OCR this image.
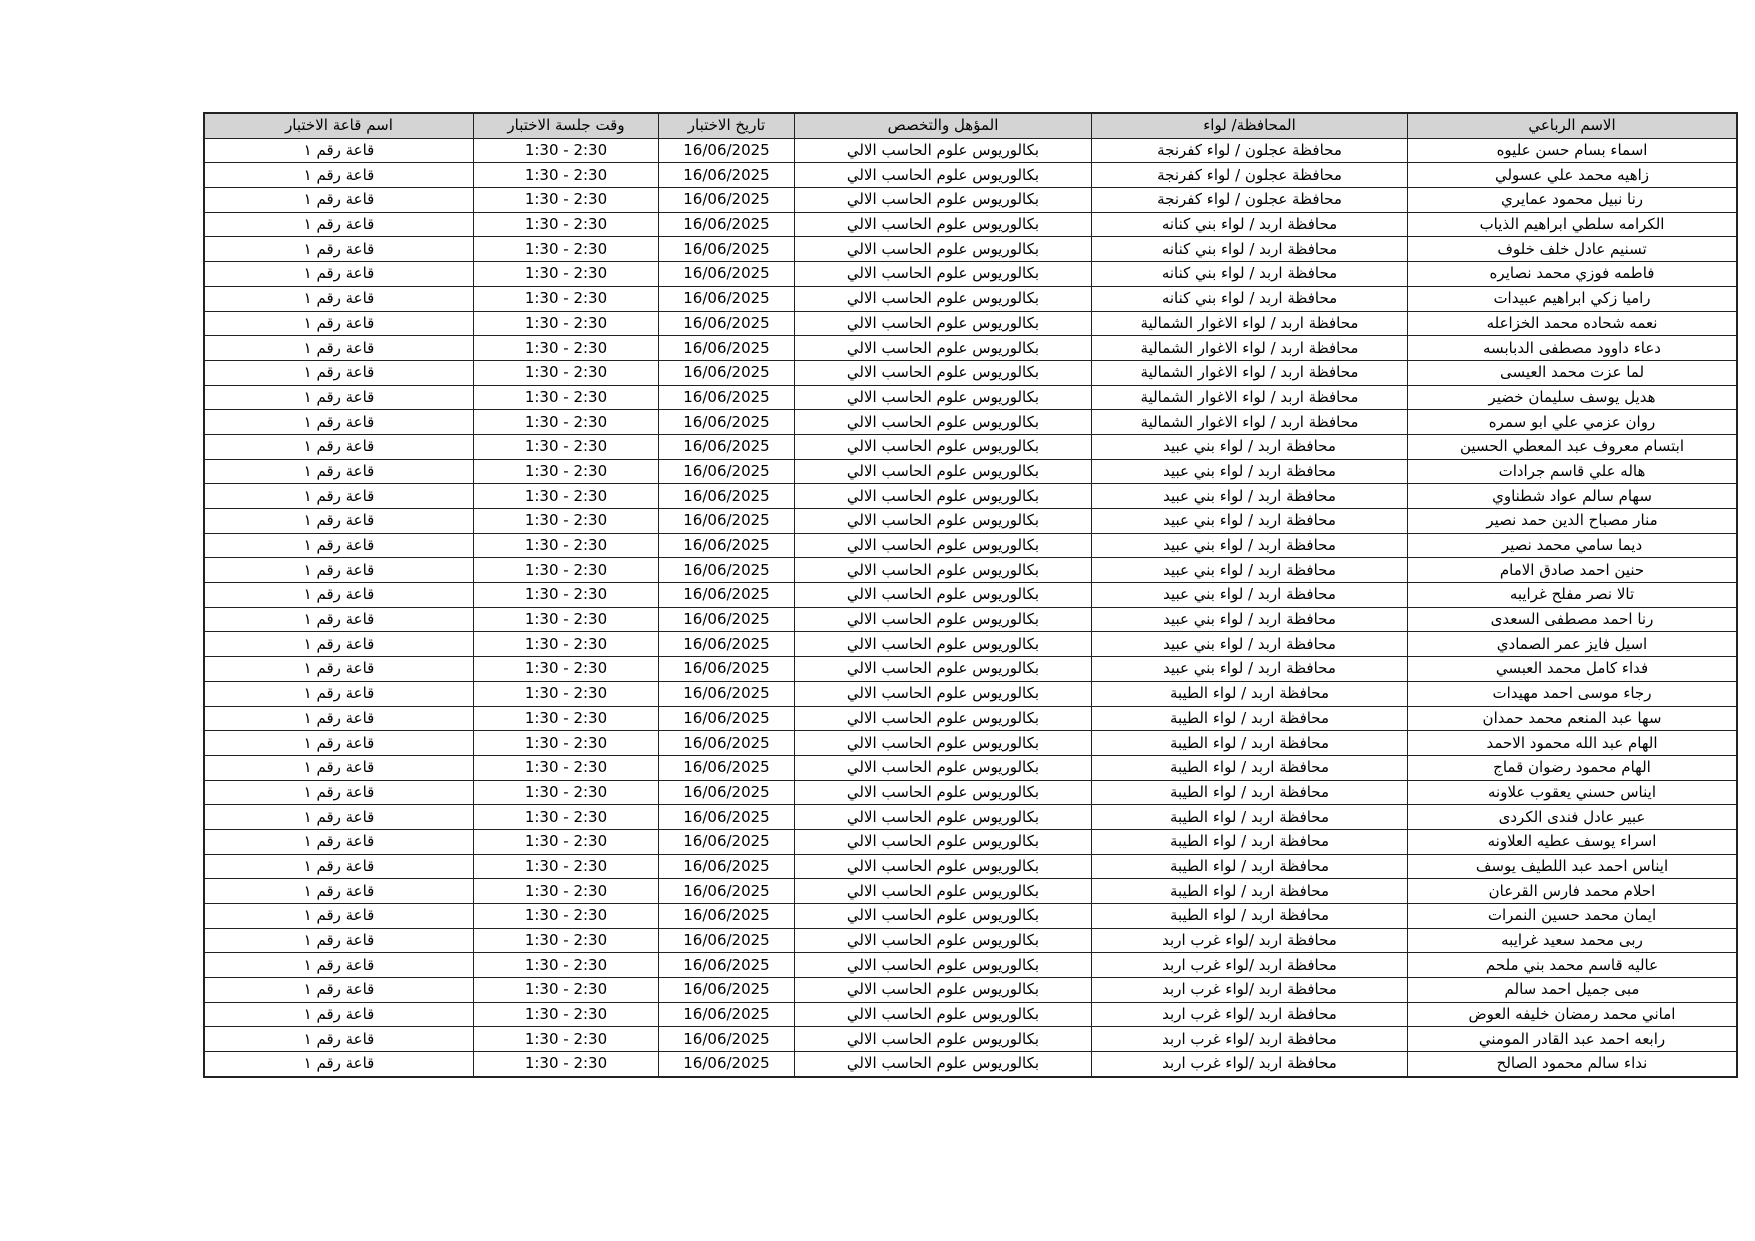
الاسم الرباعي	المحافظة/ لواء	المؤهل والتخصص	تاريخ الاختبار	وقت جلسة الاختبار	اسم قاعة الاختبار
اسماء بسام حسن عليوه	محافظة عجلون / لواء كفرنجة	بكالوريوس علوم الحاسب الالي	16/06/2025	1:30 - 2:30	قاعة رقم ١
زاهيه محمد علي عسولي	محافظة عجلون / لواء كفرنجة	بكالوريوس علوم الحاسب الالي	16/06/2025	1:30 - 2:30	قاعة رقم ١
رنا نبيل محمود عمايري	محافظة عجلون / لواء كفرنجة	بكالوريوس علوم الحاسب الالي	16/06/2025	1:30 - 2:30	قاعة رقم ١
الكرامه سلطي ابراهيم الذياب	محافظة اربد / لواء بني كنانه	بكالوريوس علوم الحاسب الالي	16/06/2025	1:30 - 2:30	قاعة رقم ١
تسنيم عادل خلف خلوف	محافظة اربد / لواء بني كنانه	بكالوريوس علوم الحاسب الالي	16/06/2025	1:30 - 2:30	قاعة رقم ١
فاطمه فوزي محمد نصايره	محافظة اربد / لواء بني كنانه	بكالوريوس علوم الحاسب الالي	16/06/2025	1:30 - 2:30	قاعة رقم ١
راميا زكي ابراهيم عبيدات	محافظة اربد / لواء بني كنانه	بكالوريوس علوم الحاسب الالي	16/06/2025	1:30 - 2:30	قاعة رقم ١
نعمه شحاده محمد الخزاعله	محافظة اربد / لواء الاغوار الشمالية	بكالوريوس علوم الحاسب الالي	16/06/2025	1:30 - 2:30	قاعة رقم ١
دعاء داوود مصطفى الدبابسه	محافظة اربد / لواء الاغوار الشمالية	بكالوريوس علوم الحاسب الالي	16/06/2025	1:30 - 2:30	قاعة رقم ١
لما عزت محمد العيسى	محافظة اربد / لواء الاغوار الشمالية	بكالوريوس علوم الحاسب الالي	16/06/2025	1:30 - 2:30	قاعة رقم ١
هديل يوسف سليمان خضير	محافظة اربد / لواء الاغوار الشمالية	بكالوريوس علوم الحاسب الالي	16/06/2025	1:30 - 2:30	قاعة رقم ١
روان عزمي علي ابو سمره	محافظة اربد / لواء الاغوار الشمالية	بكالوريوس علوم الحاسب الالي	16/06/2025	1:30 - 2:30	قاعة رقم ١
ابتسام معروف عبد المعطي الحسين	محافظة اربد / لواء بني عبيد	بكالوريوس علوم الحاسب الالي	16/06/2025	1:30 - 2:30	قاعة رقم ١
هاله علي قاسم جرادات	محافظة اربد / لواء بني عبيد	بكالوريوس علوم الحاسب الالي	16/06/2025	1:30 - 2:30	قاعة رقم ١
سهام سالم عواد شطناوي	محافظة اربد / لواء بني عبيد	بكالوريوس علوم الحاسب الالي	16/06/2025	1:30 - 2:30	قاعة رقم ١
منار مصباح الدين حمد نصير	محافظة اربد / لواء بني عبيد	بكالوريوس علوم الحاسب الالي	16/06/2025	1:30 - 2:30	قاعة رقم ١
ديما سامي محمد نصير	محافظة اربد / لواء بني عبيد	بكالوريوس علوم الحاسب الالي	16/06/2025	1:30 - 2:30	قاعة رقم ١
حنين احمد صادق الامام	محافظة اربد / لواء بني عبيد	بكالوريوس علوم الحاسب الالي	16/06/2025	1:30 - 2:30	قاعة رقم ١
تالا نصر مفلح غرايبه	محافظة اربد / لواء بني عبيد	بكالوريوس علوم الحاسب الالي	16/06/2025	1:30 - 2:30	قاعة رقم ١
رنا احمد مصطفى السعدى	محافظة اربد / لواء بني عبيد	بكالوريوس علوم الحاسب الالي	16/06/2025	1:30 - 2:30	قاعة رقم ١
اسيل فايز عمر الصمادي	محافظة اربد / لواء بني عبيد	بكالوريوس علوم الحاسب الالي	16/06/2025	1:30 - 2:30	قاعة رقم ١
فداء كامل محمد العبسي	محافظة اربد / لواء بني عبيد	بكالوريوس علوم الحاسب الالي	16/06/2025	1:30 - 2:30	قاعة رقم ١
رجاء موسى احمد مهيدات	محافظة اربد / لواء الطيبة	بكالوريوس علوم الحاسب الالي	16/06/2025	1:30 - 2:30	قاعة رقم ١
سها عبد المنعم محمد حمدان	محافظة اربد / لواء الطيبة	بكالوريوس علوم الحاسب الالي	16/06/2025	1:30 - 2:30	قاعة رقم ١
الهام عبد الله محمود الاحمد	محافظة اربد / لواء الطيبة	بكالوريوس علوم الحاسب الالي	16/06/2025	1:30 - 2:30	قاعة رقم ١
الهام محمود رضوان قماج	محافظة اربد / لواء الطيبة	بكالوريوس علوم الحاسب الالي	16/06/2025	1:30 - 2:30	قاعة رقم ١
ايناس حسني يعقوب علاونه	محافظة اربد / لواء الطيبة	بكالوريوس علوم الحاسب الالي	16/06/2025	1:30 - 2:30	قاعة رقم ١
عبير عادل فندى الكردى	محافظة اربد / لواء الطيبة	بكالوريوس علوم الحاسب الالي	16/06/2025	1:30 - 2:30	قاعة رقم ١
اسراء يوسف عطيه العلاونه	محافظة اربد / لواء الطيبة	بكالوريوس علوم الحاسب الالي	16/06/2025	1:30 - 2:30	قاعة رقم ١
ايناس احمد عبد اللطيف يوسف	محافظة اربد / لواء الطيبة	بكالوريوس علوم الحاسب الالي	16/06/2025	1:30 - 2:30	قاعة رقم ١
احلام محمد فارس القرعان	محافظة اربد / لواء الطيبة	بكالوريوس علوم الحاسب الالي	16/06/2025	1:30 - 2:30	قاعة رقم ١
ايمان محمد حسين النمرات	محافظة اربد / لواء الطيبة	بكالوريوس علوم الحاسب الالي	16/06/2025	1:30 - 2:30	قاعة رقم ١
ربى محمد سعيد غرايبه	محافظة اربد /لواء غرب اربد	بكالوريوس علوم الحاسب الالي	16/06/2025	1:30 - 2:30	قاعة رقم ١
عاليه قاسم محمد بني ملحم	محافظة اربد /لواء غرب اربد	بكالوريوس علوم الحاسب الالي	16/06/2025	1:30 - 2:30	قاعة رقم ١
مبى جميل احمد سالم	محافظة اربد /لواء غرب اربد	بكالوريوس علوم الحاسب الالي	16/06/2025	1:30 - 2:30	قاعة رقم ١
اماني محمد رمضان خليفه العوض	محافظة اربد /لواء غرب اربد	بكالوريوس علوم الحاسب الالي	16/06/2025	1:30 - 2:30	قاعة رقم ١
رابعه احمد عبد القادر المومني	محافظة اربد /لواء غرب اربد	بكالوريوس علوم الحاسب الالي	16/06/2025	1:30 - 2:30	قاعة رقم ١
نداء سالم محمود الصالح	محافظة اربد /لواء غرب اربد	بكالوريوس علوم الحاسب الالي	16/06/2025	1:30 - 2:30	قاعة رقم ١
